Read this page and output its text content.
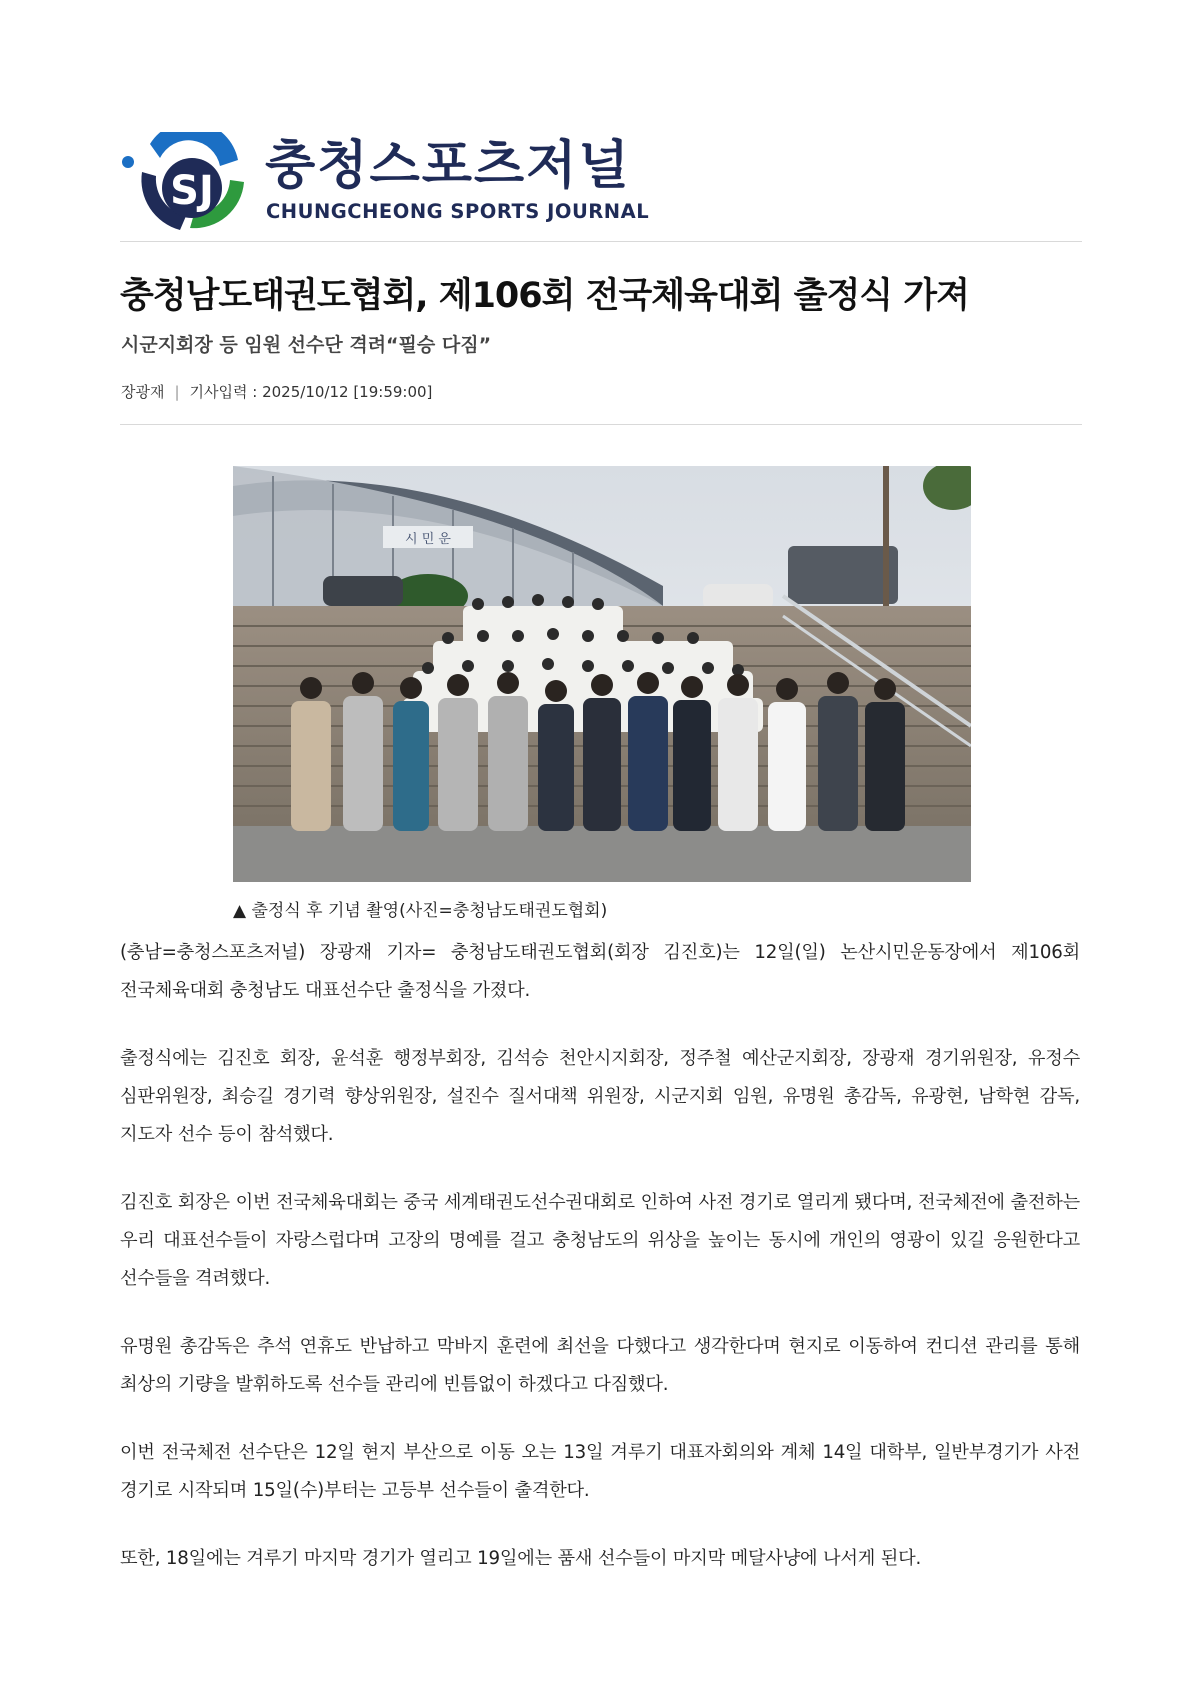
SJ 충청스포츠저널
CHUNGCHEONG SPORTS JOURNAL
충청남도태권도협회, 제106회 전국체육대회 출정식 가져
시군지회장 등 임원 선수단 격려“필승 다짐”
장광재 | 기사입력 : 2025/10/12 [19:59:00]
시 민 운
▲ 출정식 후 기념 촬영(사진=충청남도태권도협회)

(충남=충청스포츠저널) 장광재 기자= 충청남도태권도협회(회장 김진호)는 12일(일) 논산시민운동장에서 제106회 전국체육대회 충청남도 대표선수단 출정식을 가졌다.

출정식에는 김진호 회장, 윤석훈 행정부회장, 김석승 천안시지회장, 정주철 예산군지회장, 장광재 경기위원장, 유정수 심판위원장, 최승길 경기력 향상위원장, 설진수 질서대책 위원장, 시군지회 임원, 유명원 총감독, 유광현, 남학현 감독, 지도자 선수 등이 참석했다.

김진호 회장은 이번 전국체육대회는 중국 세계태권도선수권대회로 인하여 사전 경기로 열리게 됐다며, 전국체전에 출전하는 우리 대표선수들이 자랑스럽다며 고장의 명예를 걸고 충청남도의 위상을 높이는 동시에 개인의 영광이 있길 응원한다고 선수들을 격려했다.

유명원 총감독은 추석 연휴도 반납하고 막바지 훈련에 최선을 다했다고 생각한다며 현지로 이동하여 컨디션 관리를 통해 최상의 기량을 발휘하도록 선수들 관리에 빈틈없이 하겠다고 다짐했다.

이번 전국체전 선수단은 12일 현지 부산으로 이동 오는 13일 겨루기 대표자회의와 계체 14일 대학부, 일반부경기가 사전 경기로 시작되며 15일(수)부터는 고등부 선수들이 출격한다.

또한, 18일에는 겨루기 마지막 경기가 열리고 19일에는 품새 선수들이 마지막 메달사냥에 나서게 된다.
